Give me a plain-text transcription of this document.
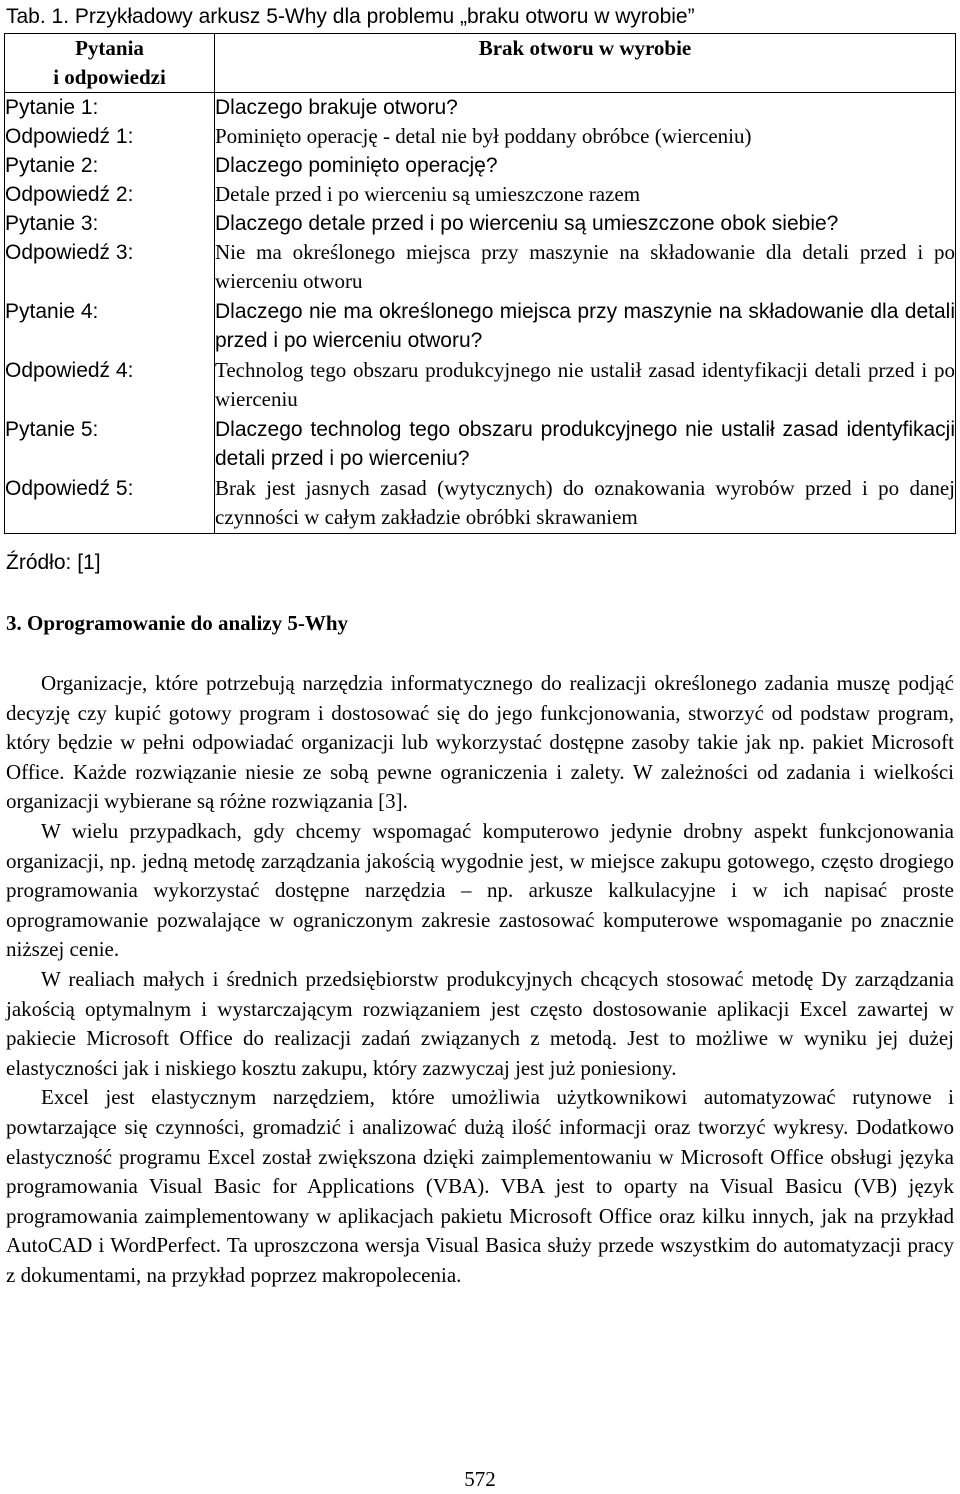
Tab. 1. Przykładowy arkusz 5-Why dla problemu „braku otworu w wyrobie”
Pytania
i odpowiedzi	Brak otworu w wyrobie
Pytanie 1:	Dlaczego brakuje otworu?
Odpowiedź 1:	Pominięto operację - detal nie był poddany obróbce (wierceniu)
Pytanie 2:	Dlaczego pominięto operację?
Odpowiedź 2:	Detale przed i po wierceniu są umieszczone razem
Pytanie 3:	Dlaczego detale przed i po wierceniu są umieszczone obok siebie?
Odpowiedź 3:	Nie ma określonego miejsca przy maszynie na składowanie dla detali przed i po wierceniu otworu
Pytanie 4:	Dlaczego nie ma określonego miejsca przy maszynie na składowanie dla detali przed i po wierceniu otworu?
Odpowiedź 4:	Technolog tego obszaru produkcyjnego nie ustalił zasad identyfikacji detali przed i po wierceniu
Pytanie 5:	Dlaczego technolog tego obszaru produkcyjnego nie ustalił zasad identyfikacji detali przed i po wierceniu?
Odpowiedź 5:	Brak jest jasnych zasad (wytycznych) do oznakowania wyrobów przed i po danej czynności w całym zakładzie obróbki skrawaniem
Źródło: [1]
3. Oprogramowanie do analizy 5-Why

Organizacje, które potrzebują narzędzia informatycznego do realizacji określonego zadania muszę podjąć decyzję czy kupić gotowy program i dostosować się do jego funkcjonowania, stworzyć od podstaw program, który będzie w pełni odpowiadać organizacji lub wykorzystać dostępne zasoby takie jak np. pakiet Microsoft Office. Każde rozwiązanie niesie ze sobą pewne ograniczenia i zalety. W zależności od zadania i wielkości organizacji wybierane są różne rozwiązania [3].

W wielu przypadkach, gdy chcemy wspomagać komputerowo jedynie drobny aspekt funkcjonowania organizacji, np. jedną metodę zarządzania jakością wygodnie jest, w miejsce zakupu gotowego, często drogiego programowania wykorzystać dostępne narzędzia – np. arkusze kalkulacyjne i w ich napisać proste oprogramowanie pozwalające w ograniczonym zakresie zastosować komputerowe wspomaganie po znacznie niższej cenie.

W realiach małych i średnich przedsiębiorstw produkcyjnych chcących stosować metodę Dy zarządzania jakością optymalnym i wystarczającym rozwiązaniem jest często dostosowanie aplikacji Excel zawartej w pakiecie Microsoft Office do realizacji zadań związanych z metodą. Jest to możliwe w wyniku jej dużej elastyczności jak i niskiego kosztu zakupu, który zazwyczaj jest już poniesiony.

Excel jest elastycznym narzędziem, które umożliwia użytkownikowi automatyzować rutynowe i powtarzające się czynności, gromadzić i analizować dużą ilość informacji oraz tworzyć wykresy. Dodatkowo elastyczność programu Excel został zwiększona dzięki zaimplementowaniu w Microsoft Office obsługi języka programowania Visual Basic for Applications (VBA). VBA jest to oparty na Visual Basicu (VB) język programowania zaimplementowany w aplikacjach pakietu Microsoft Office oraz kilku innych, jak na przykład AutoCAD i WordPerfect. Ta uproszczona wersja Visual Basica służy przede wszystkim do automatyzacji pracy z dokumentami, na przykład poprzez makropolecenia.

572
